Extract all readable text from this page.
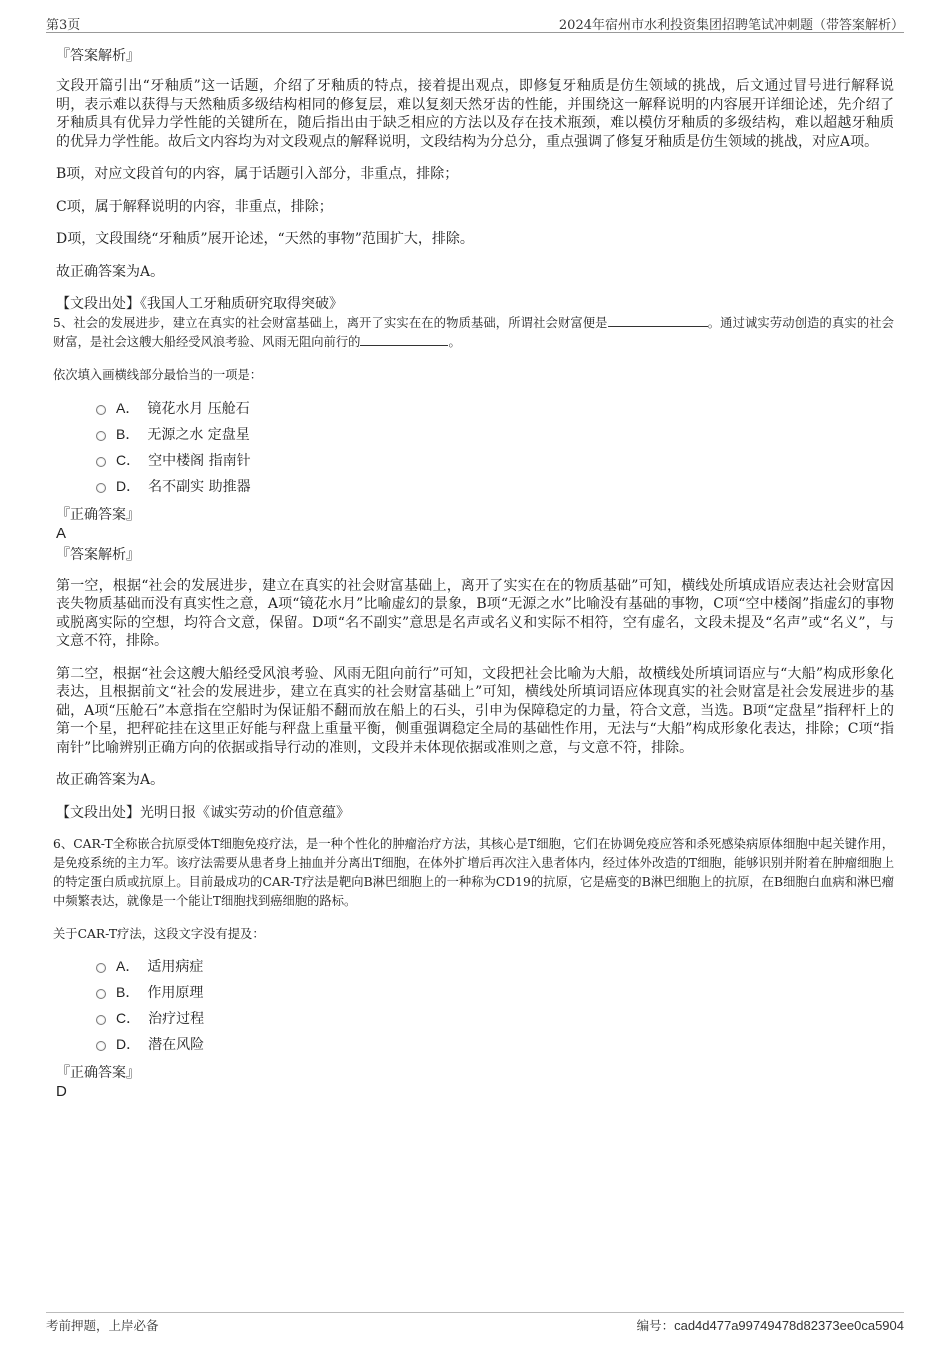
第3页	2024年宿州市水利投资集团招聘笔试冲刺题（带答案解析）

『答案解析』

文段开篇引出“牙釉质”这一话题，介绍了牙釉质的特点，接着提出观点，即修复牙釉质是仿生领域的挑战，后文通过冒号进行解释说明，表示难以获得与天然釉质多级结构相同的修复层，难以复刻天然牙齿的性能，并围绕这一解释说明的内容展开详细论述，先介绍了牙釉质具有优异力学性能的关键所在，随后指出由于缺乏相应的方法以及存在技术瓶颈，难以模仿牙釉质的多级结构，难以超越牙釉质的优异力学性能。故后文内容均为对文段观点的解释说明，文段结构为分总分，重点强调了修复牙釉质是仿生领域的挑战，对应A项。

B项，对应文段首句的内容，属于话题引入部分，非重点，排除；

C项，属于解释说明的内容，非重点，排除；

D项，文段围绕“牙釉质”展开论述，“天然的事物”范围扩大，排除。

故正确答案为A。

【文段出处】《我国人工牙釉质研究取得突破》

5、社会的发展进步，建立在真实的社会财富基础上，离开了实实在在的物质基础，所谓社会财富便是	。通过诚实劳动创造的真实的社会财富，是社会这艘大船经受风浪考验、风雨无阻向前行的	。

依次填入画横线部分最恰当的一项是：

A． 镜花水月 压舱石
B． 无源之水 定盘星
C． 空中楼阁 指南针
D． 名不副实 助推器

『正确答案』

A

『答案解析』

第一空，根据“社会的发展进步，建立在真实的社会财富基础上，离开了实实在在的物质基础”可知，横线处所填成语应表达社会财富因丧失物质基础而没有真实性之意，A项“镜花水月”比喻虚幻的景象，B项“无源之水”比喻没有基础的事物，C项“空中楼阁”指虚幻的事物或脱离实际的空想，均符合文意，保留。D项“名不副实”意思是名声或名义和实际不相符，空有虚名，文段未提及“名声”或“名义”，与文意不符，排除。

第二空，根据“社会这艘大船经受风浪考验、风雨无阻向前行”可知，文段把社会比喻为大船，故横线处所填词语应与“大船”构成形象化表达，且根据前文“社会的发展进步，建立在真实的社会财富基础上”可知，横线处所填词语应体现真实的社会财富是社会发展进步的基础，A项“压舱石”本意指在空船时为保证船不翻而放在船上的石头，引申为保障稳定的力量，符合文意，当选。B项“定盘星”指秤杆上的第一个星，把秤砣挂在这里正好能与秤盘上重量平衡，侧重强调稳定全局的基础性作用，无法与“大船”构成形象化表达，排除；C项“指南针”比喻辨别正确方向的依据或指导行动的准则，文段并未体现依据或准则之意，与文意不符，排除。

故正确答案为A。

【文段出处】光明日报《诚实劳动的价值意蕴》

6、CAR-T全称嵌合抗原受体T细胞免疫疗法，是一种个性化的肿瘤治疗方法，其核心是T细胞，它们在协调免疫应答和杀死感染病原体细胞中起关键作用，是免疫系统的主力军。该疗法需要从患者身上抽血并分离出T细胞，在体外扩增后再次注入患者体内，经过体外改造的T细胞，能够识别并附着在肿瘤细胞上的特定蛋白质或抗原上。目前最成功的CAR-T疗法是靶向B淋巴细胞上的一种称为CD19的抗原，它是癌变的B淋巴细胞上的抗原，在B细胞白血病和淋巴瘤中频繁表达，就像是一个能让T细胞找到癌细胞的路标。

关于CAR-T疗法，这段文字没有提及：

A． 适用病症
B． 作用原理
C． 治疗过程
D． 潜在风险

『正确答案』

D

考前押题，上岸必备	编号：cad4d477a99749478d82373ee0ca5904
